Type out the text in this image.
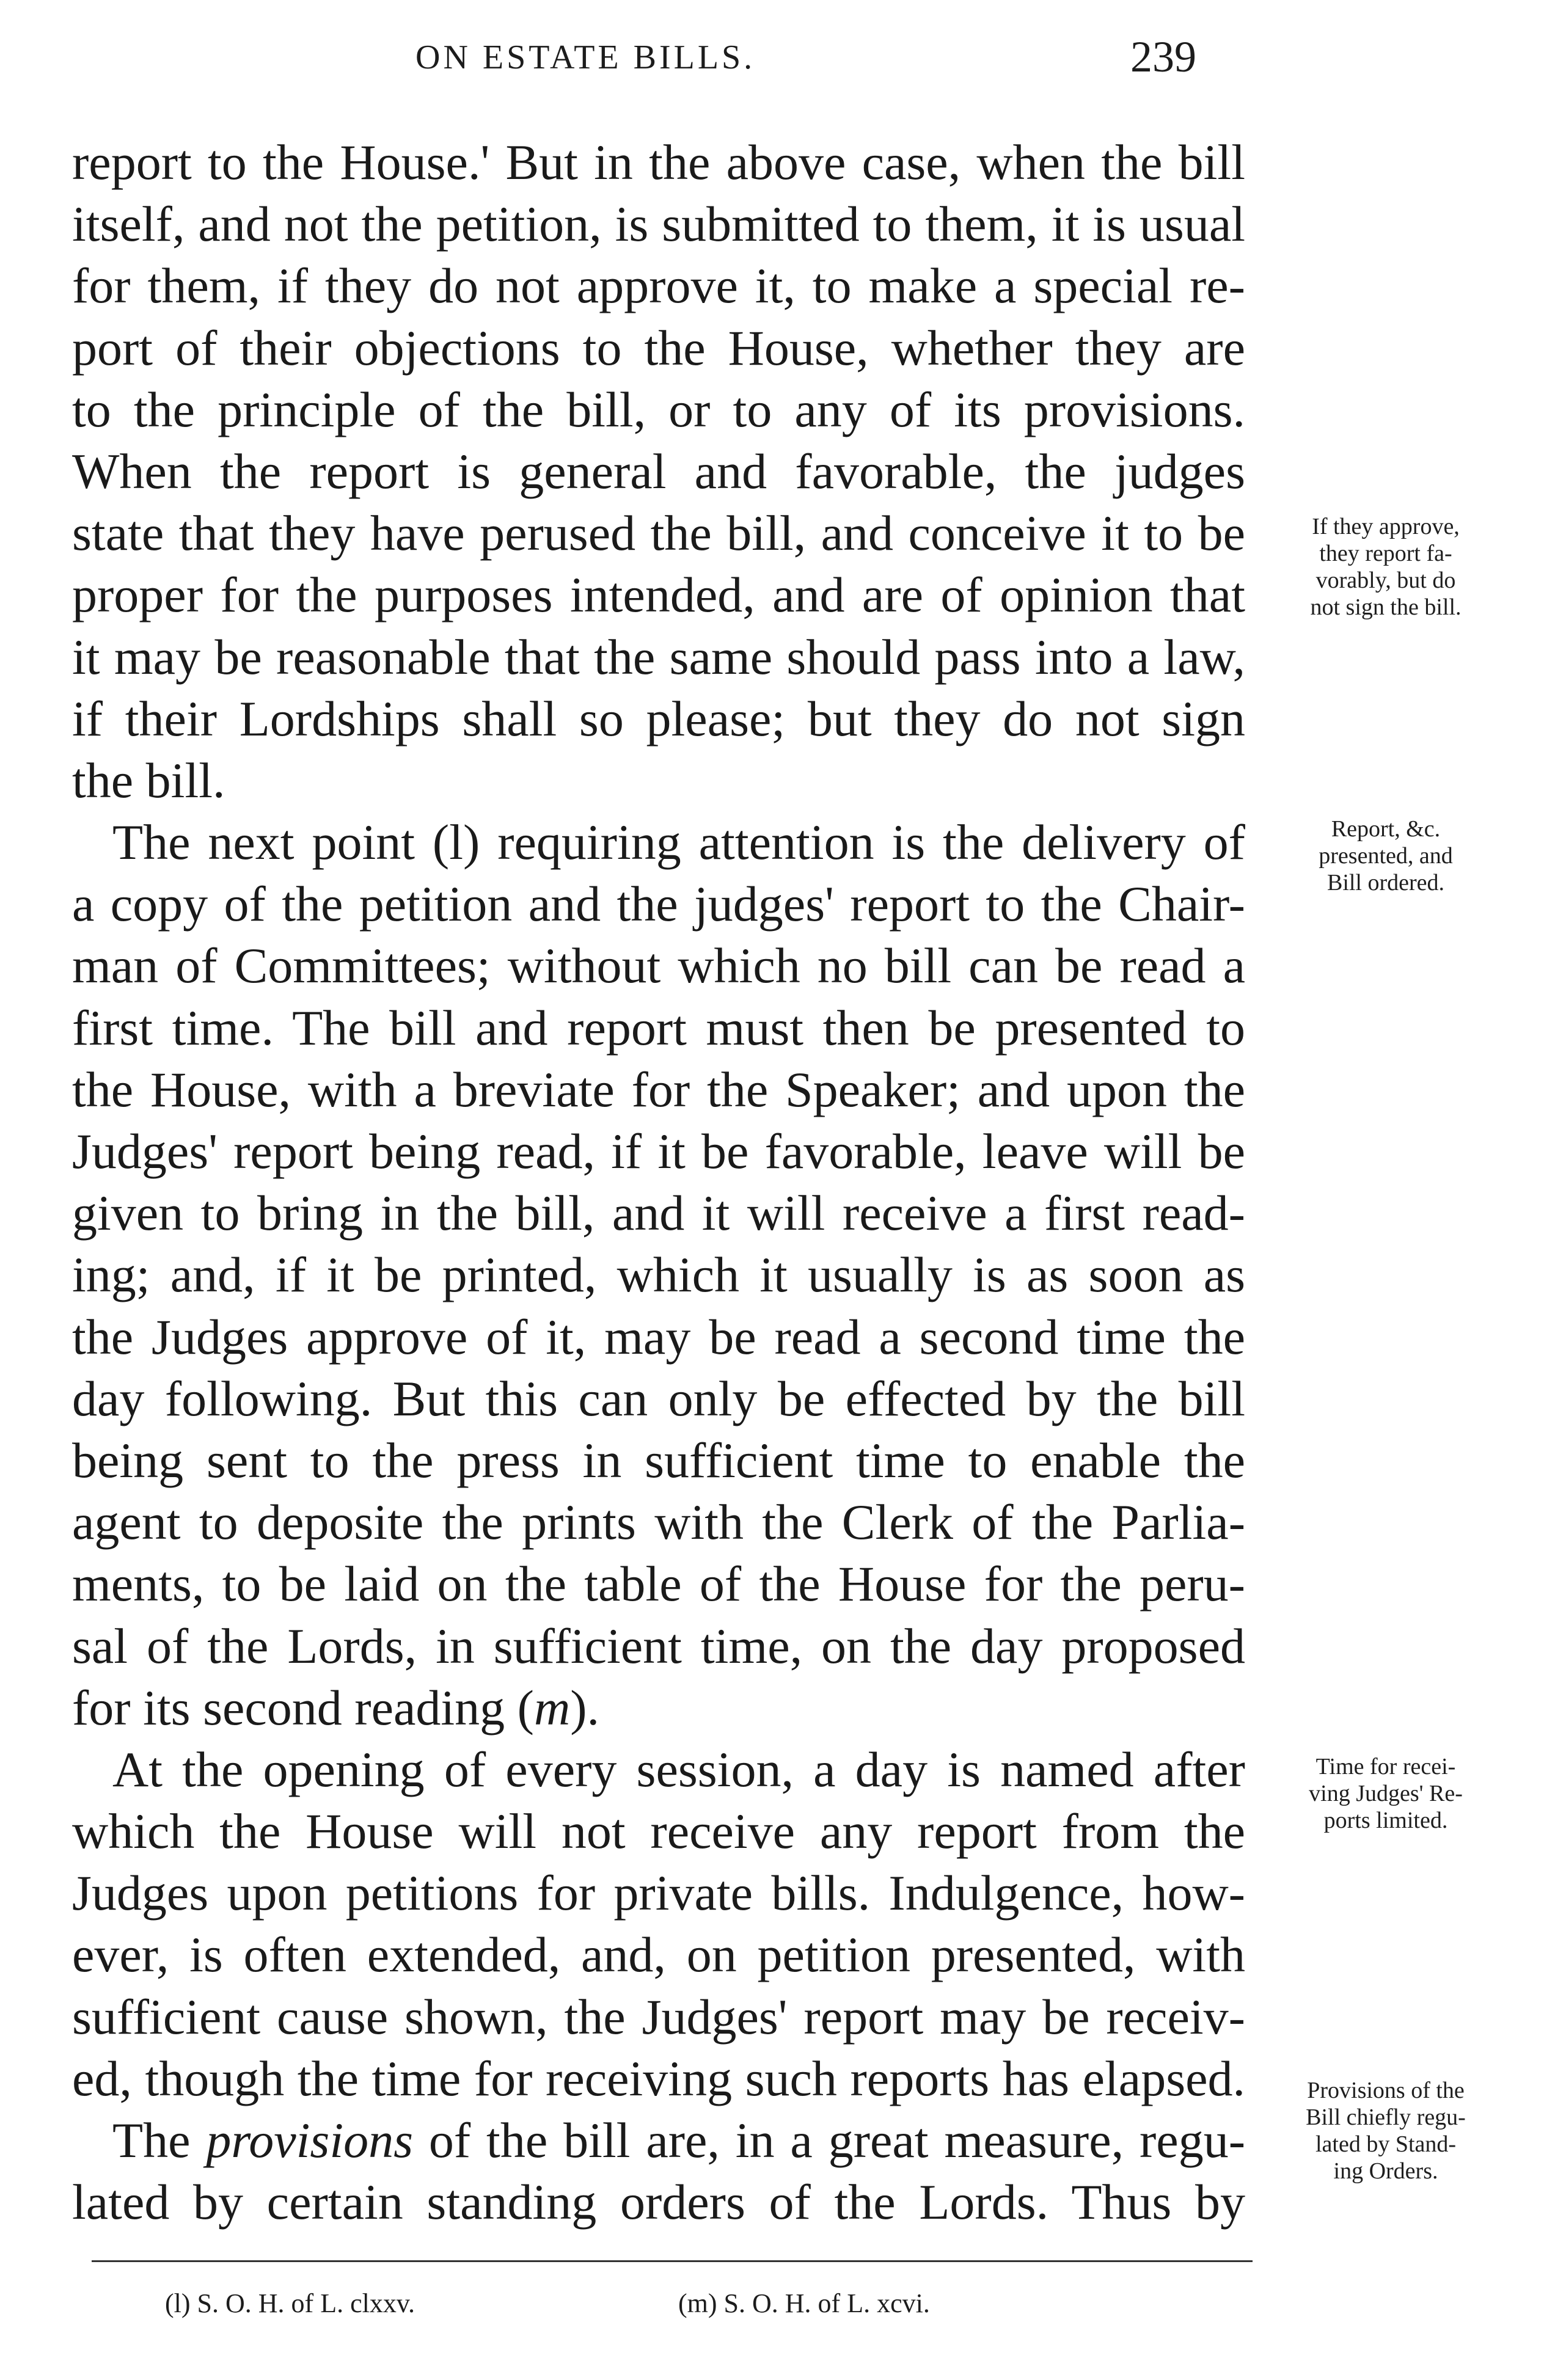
ON ESTATE BILLS.	239
report to the House.' But in the above case, when the bill
itself, and not the petition, is submitted to them, it is usual
for them, if they do not approve it, to make a special re-
port of their objections to the House, whether they are
to the principle of the bill, or to any of its provisions.
When the report is general and favorable, the judges
state that they have perused the bill, and conceive it to be
proper for the purposes intended, and are of opinion that
it may be reasonable that the same should pass into a law,
if their Lordships shall so please; but they do not sign
the bill.
The next point (l) requiring attention is the delivery of
a copy of the petition and the judges' report to the Chair-
man of Committees; without which no bill can be read a
first time. The bill and report must then be presented to
the House, with a breviate for the Speaker; and upon the
Judges' report being read, if it be favorable, leave will be
given to bring in the bill, and it will receive a first read-
ing; and, if it be printed, which it usually is as soon as
the Judges approve of it, may be read a second time the
day following. But this can only be effected by the bill
being sent to the press in sufficient time to enable the
agent to deposite the prints with the Clerk of the Parlia-
ments, to be laid on the table of the House for the peru-
sal of the Lords, in sufficient time, on the day proposed
for its second reading (m).
At the opening of every session, a day is named after
which the House will not receive any report from the
Judges upon petitions for private bills. Indulgence, how-
ever, is often extended, and, on petition presented, with
sufficient cause shown, the Judges' report may be receiv-
ed, though the time for receiving such reports has elapsed.
The provisions of the bill are, in a great measure, regu-
lated by certain standing orders of the Lords. Thus by
If they approve,
they report fa-
vorably, but do
not sign the bill.
Report, &c.
presented, and
Bill ordered.
Time for recei-
ving Judges' Re-
ports limited.
Provisions of the
Bill chiefly regu-
lated by Stand-
ing Orders.
(l) S. O. H. of L. clxxv.	(m) S. O. H. of L. xcvi.
